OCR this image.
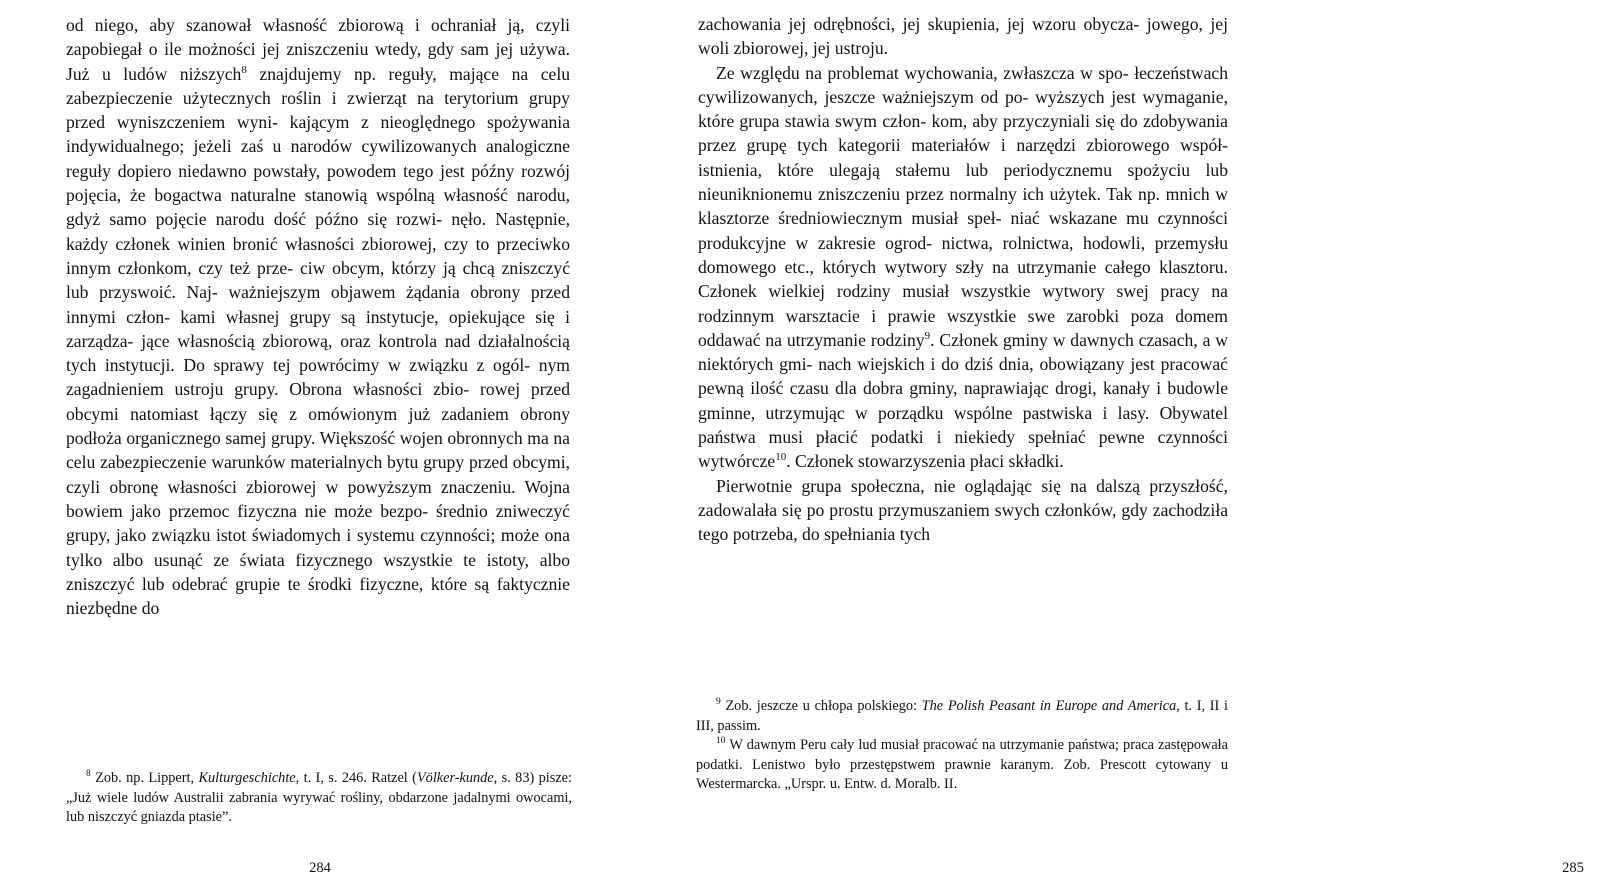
od niego, aby szanował własność zbiorową i ochraniał ją, czyli zapobiegał o ile możności jej zniszczeniu wtedy, gdy sam jej używa. Już u ludów niższych$^8$ znajdujemy np. reguły, mające na celu zabezpieczenie użytecznych roślin i zwierząt na terytorium grupy przed wyniszczeniem wyni- kającym z nieoględnego spożywania indywidualnego; jeżeli zaś u narodów cywilizowanych analogiczne reguły dopiero niedawno powstały, powodem tego jest późny rozwój pojęcia, że bogactwa naturalne stanowią wspólną własność narodu, gdyż samo pojęcie narodu dość późno się rozwi- nęło. Następnie, każdy członek winien bronić własności zbiorowej, czy to przeciwko innym członkom, czy też prze- ciw obcym, którzy ją chcą zniszczyć lub przyswoić. Naj- ważniejszym objawem żądania obrony przed innymi człon- kami własnej grupy są instytucje, opiekujące się i zarządza- jące własnością zbiorową, oraz kontrola nad działalnością tych instytucji. Do sprawy tej powrócimy w związku z ogól- nym zagadnieniem ustroju grupy. Obrona własności zbio- rowej przed obcymi natomiast łączy się z omówionym już zadaniem obrony podłoża organicznego samej grupy. Większość wojen obronnych ma na celu zabezpieczenie warunków materialnych bytu grupy przed obcymi, czyli obronę własności zbiorowej w powyższym znaczeniu. Wojna bowiem jako przemoc fizyczna nie może bezpo- średnio zniweczyć grupy, jako związku istot świadomych i systemu czynności; może ona tylko albo usunąć ze świata fizycznego wszystkie te istoty, albo zniszczyć lub odebrać grupie te środki fizyczne, które są faktycznie niezbędne do

$^8$ Zob. np. Lippert, Kulturgeschichte, t. I, s. 246. Ratzel (Völker-kunde, s. 83) pisze: „Już wiele ludów Australii zabrania wyrywać rośliny, obdarzone jadalnymi owocami, lub niszczyć gniazda ptasie”.

284

zachowania jej odrębności, jej skupienia, jej wzoru obycza- jowego, jej woli zbiorowej, jej ustroju.

Ze względu na problemat wychowania, zwłaszcza w spo- łeczeństwach cywilizowanych, jeszcze ważniejszym od po- wyższych jest wymaganie, które grupa stawia swym człon- kom, aby przyczyniali się do zdobywania przez grupę tych kategorii materiałów i narzędzi zbiorowego współ- istnienia, które ulegają stałemu lub periodycznemu spożyciu lub nieuniknionemu zniszczeniu przez normalny ich użytek. Tak np. mnich w klasztorze średniowiecznym musiał speł- niać wskazane mu czynności produkcyjne w zakresie ogrod- nictwa, rolnictwa, hodowli, przemysłu domowego etc., których wytwory szły na utrzymanie całego klasztoru. Członek wielkiej rodziny musiał wszystkie wytwory swej pracy na rodzinnym warsztacie i prawie wszystkie swe zarobki poza domem oddawać na utrzymanie rodziny$^9$. Członek gminy w dawnych czasach, a w niektórych gmi- nach wiejskich i do dziś dnia, obowiązany jest pracować pewną ilość czasu dla dobra gminy, naprawiając drogi, kanały i budowle gminne, utrzymując w porządku wspólne pastwiska i lasy. Obywatel państwa musi płacić podatki i niekiedy spełniać pewne czynności wytwórcze$^{10}$. Członek stowarzyszenia płaci składki.

Pierwotnie grupa społeczna, nie oglądając się na dalszą przyszłość, zadowalała się po prostu przymuszaniem swych członków, gdy zachodziła tego potrzeba, do spełniania tych

$^9$ Zob. jeszcze u chłopa polskiego: The Polish Peasant in Europe and America, t. I, II i III, passim.

$^{10}$ W dawnym Peru cały lud musiał pracować na utrzymanie państwa; praca zastępowała podatki. Lenistwo było przestępstwem prawnie karanym. Zob. Prescott cytowany u Westermarcka. „Urspr. u. Entw. d. Moralb. II.

285
